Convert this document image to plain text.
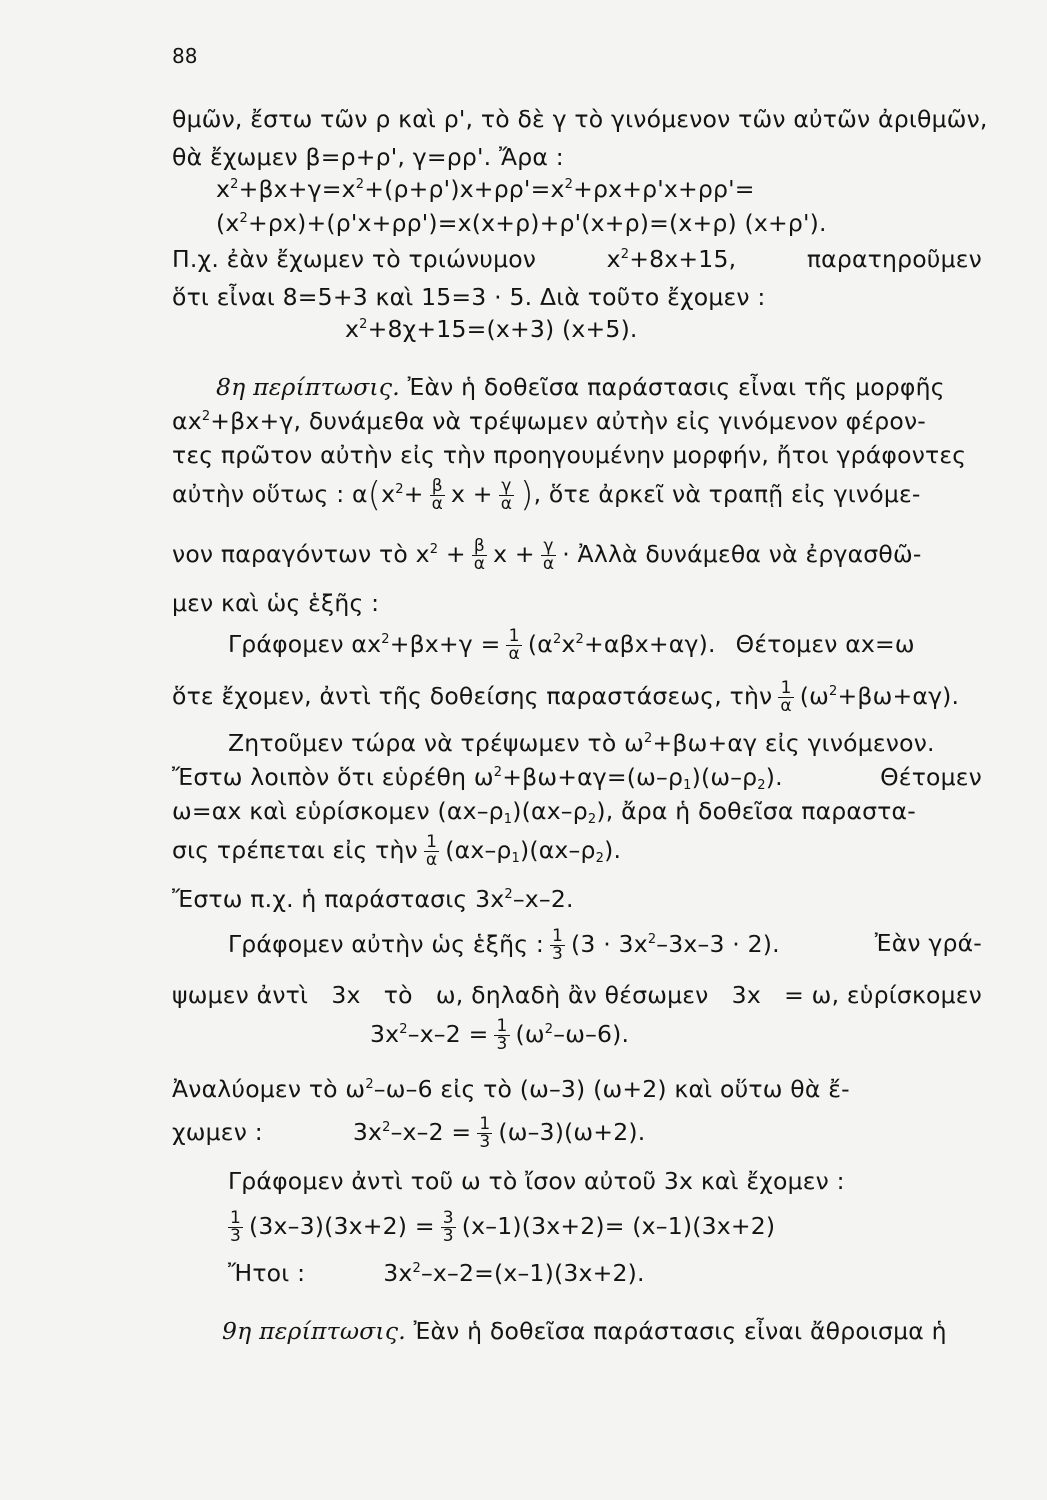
88
θμῶν, ἔστω τῶν ρ καὶ ρ', τὸ δὲ γ τὸ γινόμενον τῶν αὐτῶν ἀριθμῶν,
θὰ ἔχωμεν β=ρ+ρ', γ=ρρ'. Ἄρα :
$x^2+\beta x+\gamma=x^2+(\rho+\rho')x+\rho\rho'=x^2+\rho x+\rho'x+\rho\rho'=$
$(x^2+\rho x)+(\rho'x+\rho\rho')=x(x+\rho)+\rho'(x+\rho)=(x+\rho)$ (x+ρ').
Π.χ. ἐὰν ἔχωμεν τὸ τριώνυμον	$x^2+8x+15$,	παρατηροῦμεν
ὅτι εἶναι 8=5+3 καὶ 15=3 · 5. Διὰ τοῦτο ἔχομεν :
$x^2+8\chi+15=(x+3)$ (x+5).
8η περίπτωσις. Ἐὰν ἡ δοθεῖσα παράστασις εἶναι τῆς μορφῆς
$\alpha x^2+\beta x+\gamma$, δυνάμεθα νὰ τρέψωμεν αὐτὴν εἰς γινόμενον φέρον-
τες πρῶτον αὐτὴν εἰς τὴν προηγουμένην μορφήν, ἤτοι γράφοντες
αὐτὴν οὕτως : $\alpha(x^2+ \frac{\beta}{\alpha}$ $x + \frac{\gamma}{\alpha}$ ), ὅτε ἀρκεῖ νὰ τραπῇ εἰς γινόμε-
νον παραγόντων τὸ $x^2 + \frac{\beta}{\alpha}$ $x + \frac{\gamma}{\alpha}$ · Ἀλλὰ δυνάμεθα νὰ ἐργασθῶ-
μεν καὶ ὡς ἑξῆς :
Γράφομεν $\alpha x^2+\beta x+\gamma = \frac{1}{\alpha} (\alpha^2x^2+\alpha\beta x+\alpha\gamma)$. Θέτομεν αx=ω
ὅτε ἔχομεν, ἀντὶ τῆς δοθείσης παραστάσεως, τὴν $\frac{1}{\alpha} (\omega^2+\beta\omega+\alpha\gamma)$.
Ζητοῦμεν τώρα νὰ τρέψωμεν τὸ $\omega^2+\beta\omega+\alpha\gamma$ εἰς γινόμενον.
Ἔστω λοιπὸν ὅτι εὑρέθη $\omega^2+\beta\omega+\alpha\gamma=(\omega-\rho_1)(\omega-\rho_2)$.	Θέτομεν
ω=αx καὶ εὑρίσκομεν $(\alpha x-\rho_1)(\alpha x-\rho_2)$, ἄρα ἡ δοθεῖσα παραστα-
σις τρέπεται εἰς τὴν $\frac{1}{\alpha} (\alpha x-\rho_1)(\alpha x-\rho_2)$.
Ἔστω π.χ. ἡ παράστασις $3x^2-x-2$.
Γράφομεν αὐτὴν ὡς ἑξῆς : $\frac{1}{3} (3 \cdot 3x^2-3x-3 \cdot 2)$.	Ἐὰν γρά-
ψωμεν ἀντὶ 3x τὸ ω, δηλαδὴ ἂν θέσωμεν 3x = ω, εὑρίσκομεν
$3x^2-x-2 = \frac{1}{3} (\omega^2-\omega-6)$.
Ἀναλύομεν τὸ $\omega^2-\omega-6$ εἰς τὸ (ω–3) (ω+2) καὶ οὕτω θὰ ἔ-
χωμεν :	$3x^2-x-2 = \frac{1}{3} (\omega-3)(\omega+2)$.
Γράφομεν ἀντὶ τοῦ ω τὸ ἴσον αὐτοῦ 3x καὶ ἔχομεν :
$\frac{1}{3} (3x-3)(3x+2) = \frac{3}{3} (x-1)(3x+2)= (x-1)(3x+2)$
Ἤτοι :	$3x^2-x-2=(x-1)(3x+2)$.
9η περίπτωσις. Ἐὰν ἡ δοθεῖσα παράστασις εἶναι ἄθροισμα ἡ
